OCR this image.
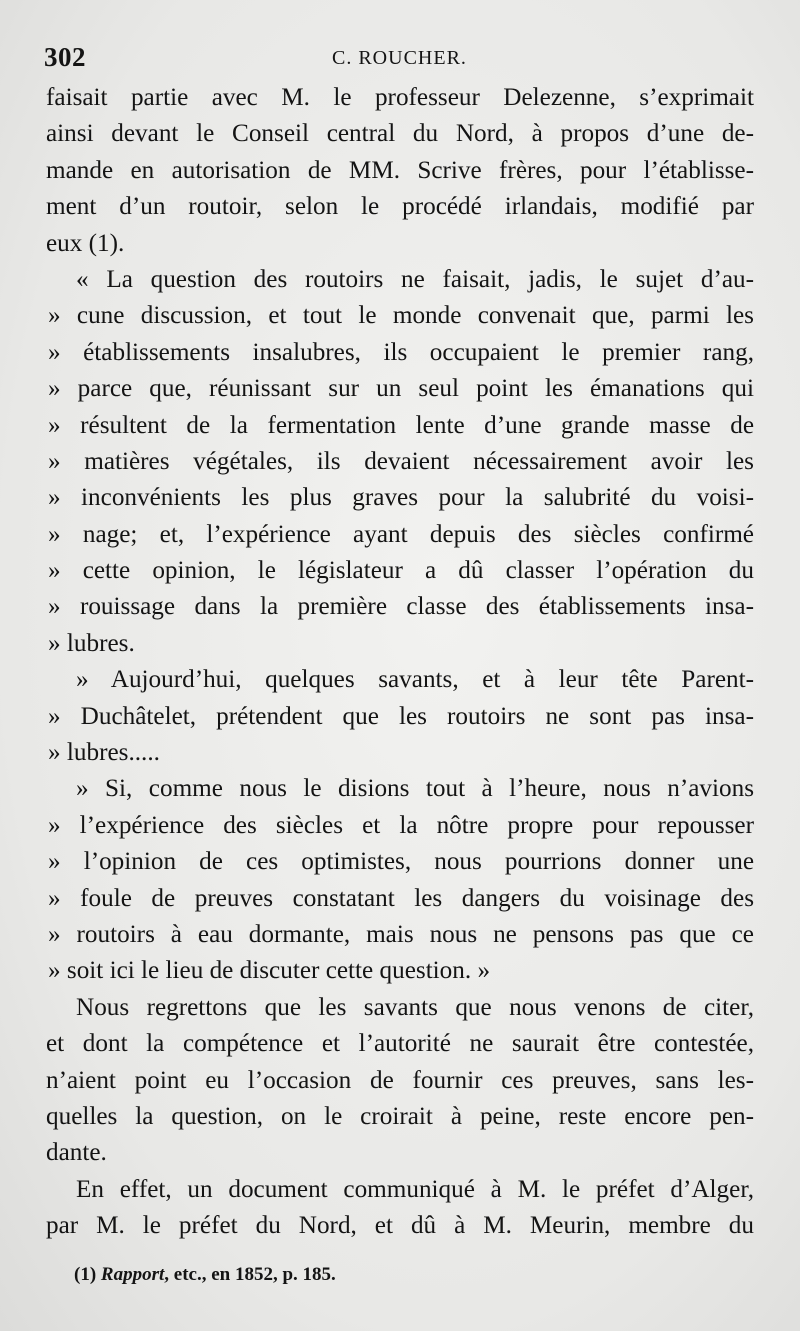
302	C. ROUCHER.
faisait partie avec M. le professeur Delezenne, s’exprimait
ainsi devant le Conseil central du Nord, à propos d’une de-
mande en autorisation de MM. Scrive frères, pour l’établisse-
ment d’un routoir, selon le procédé irlandais, modifié par
eux (1).
« La question des routoirs ne faisait, jadis, le sujet d’au-
» cune discussion, et tout le monde convenait que, parmi les
» établissements insalubres, ils occupaient le premier rang,
» parce que, réunissant sur un seul point les émanations qui
» résultent de la fermentation lente d’une grande masse de
» matières végétales, ils devaient nécessairement avoir les
» inconvénients les plus graves pour la salubrité du voisi-
» nage; et, l’expérience ayant depuis des siècles confirmé
» cette opinion, le législateur a dû classer l’opération du
» rouissage dans la première classe des établissements insa-
» lubres.
» Aujourd’hui, quelques savants, et à leur tête Parent-
» Duchâtelet, prétendent que les routoirs ne sont pas insa-
» lubres.....
» Si, comme nous le disions tout à l’heure, nous n’avions
» l’expérience des siècles et la nôtre propre pour repousser
» l’opinion de ces optimistes, nous pourrions donner une
» foule de preuves constatant les dangers du voisinage des
» routoirs à eau dormante, mais nous ne pensons pas que ce
» soit ici le lieu de discuter cette question. »
Nous regrettons que les savants que nous venons de citer,
et dont la compétence et l’autorité ne saurait être contestée,
n’aient point eu l’occasion de fournir ces preuves, sans les-
quelles la question, on le croirait à peine, reste encore pen-
dante.
En effet, un document communiqué à M. le préfet d’Alger,
par M. le préfet du Nord, et dû à M. Meurin, membre du
(1) Rapport, etc., en 1852, p. 185.
